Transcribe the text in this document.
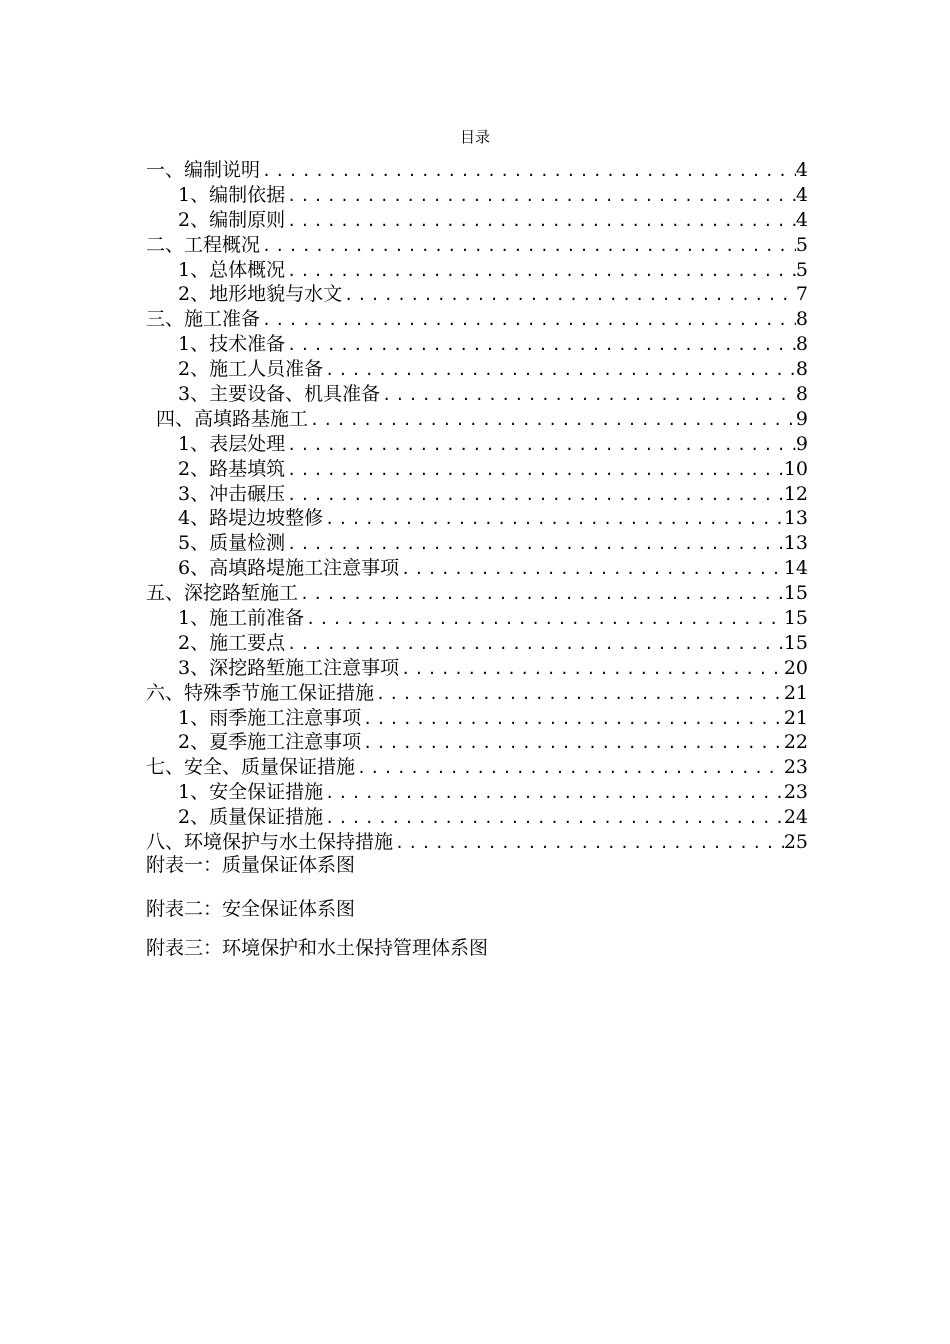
目录
一、编制说明 .....	4
1、编制依据 .....	4
2、编制原则 .....	4
二、工程概况 .....	5
1、总体概况 .....	5
2、地形地貌与水文 .....	7
三、施工准备 .....	8
1、技术准备 .....	8
2、施工人员准备 .....	8
3、主要设备、机具准备 .....	8
四、高填路基施工 .....	9
1、表层处理 .....	9
2、路基填筑 .....	10
3、冲击碾压 .....	12
4、路堤边坡整修 .....	13
5、质量检测 .....	13
6、高填路堤施工注意事项 .....	14
五、深挖路堑施工 .....	15
1、施工前准备 .....	15
2、施工要点 .....	15
3、深挖路堑施工注意事项 .....	20
六、特殊季节施工保证措施 .....	21
1、雨季施工注意事项 .....	21
2、夏季施工注意事项 .....	22
七、安全、质量保证措施 .....	23
1、安全保证措施 .....	23
2、质量保证措施 .....	24
八、环境保护与水土保持措施 .....	25
附表一：质量保证体系图
附表二：安全保证体系图
附表三：环境保护和水土保持管理体系图
